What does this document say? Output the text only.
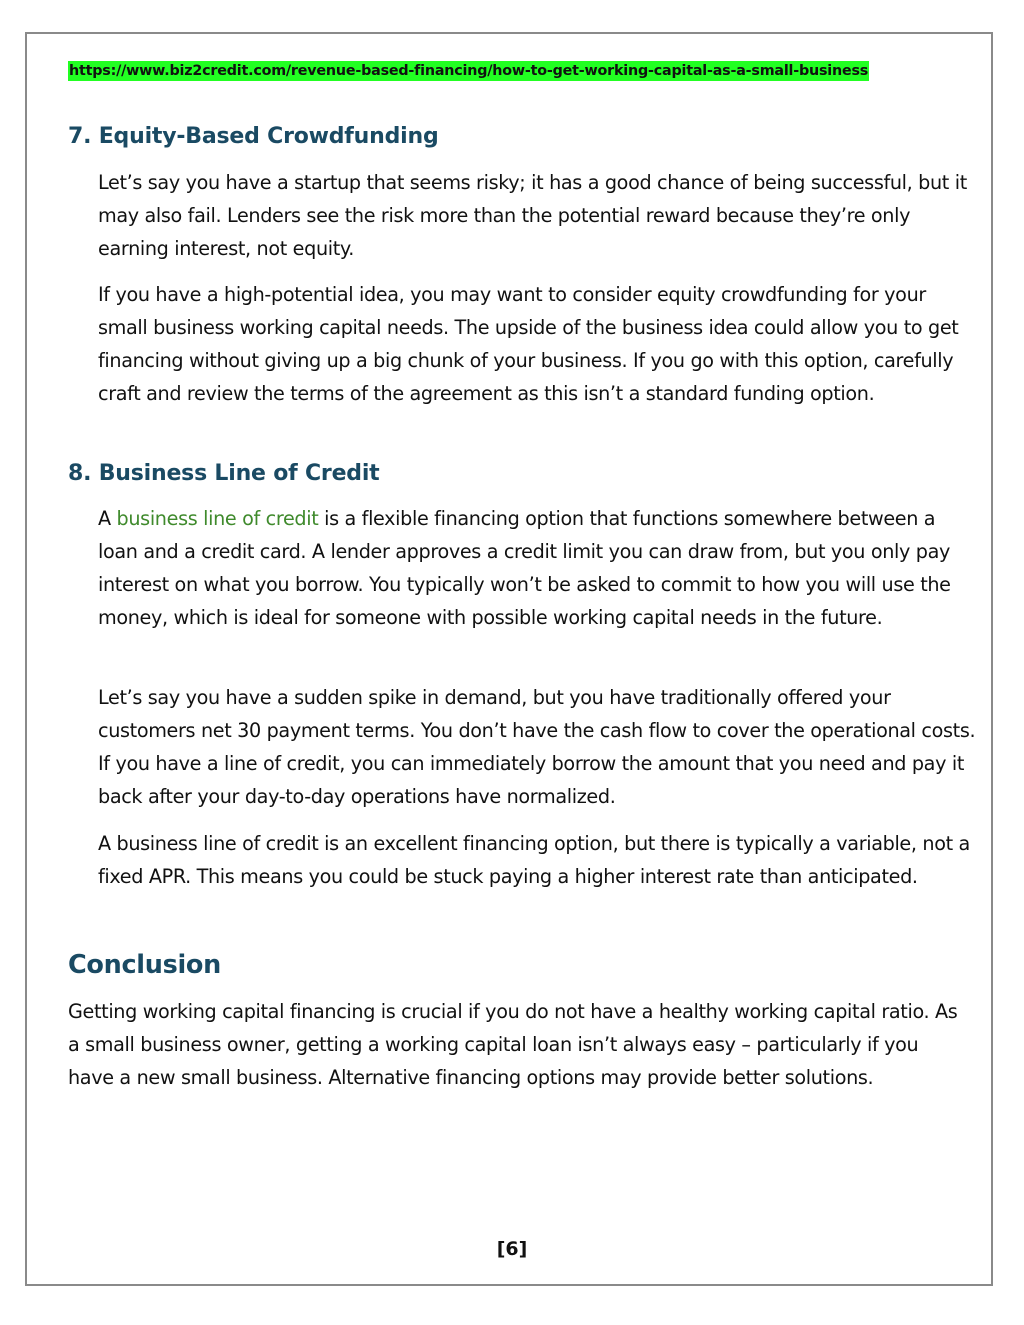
https://www.biz2credit.com/revenue-based-financing/how-to-get-working-capital-as-a-small-business
7. Equity-Based Crowdfunding

Let’s say you have a startup that seems risky; it has a good chance of being successful, but it may also fail. Lenders see the risk more than the potential reward because they’re only earning interest, not equity.

If you have a high-potential idea, you may want to consider equity crowdfunding for your small business working capital needs. The upside of the business idea could allow you to get financing without giving up a big chunk of your business. If you go with this option, carefully craft and review the terms of the agreement as this isn’t a standard funding option.

8. Business Line of Credit

A business line of credit is a flexible financing option that functions somewhere between a loan and a credit card. A lender approves a credit limit you can draw from, but you only pay interest on what you borrow. You typically won’t be asked to commit to how you will use the money, which is ideal for someone with possible working capital needs in the future.

Let’s say you have a sudden spike in demand, but you have traditionally offered your customers net 30 payment terms. You don’t have the cash flow to cover the operational costs. If you have a line of credit, you can immediately borrow the amount that you need and pay it back after your day-to-day operations have normalized.

A business line of credit is an excellent financing option, but there is typically a variable, not a fixed APR. This means you could be stuck paying a higher interest rate than anticipated.

Conclusion

Getting working capital financing is crucial if you do not have a healthy working capital ratio. As a small business owner, getting a working capital loan isn’t always easy – particularly if you have a new small business. Alternative financing options may provide better solutions.

[6]
